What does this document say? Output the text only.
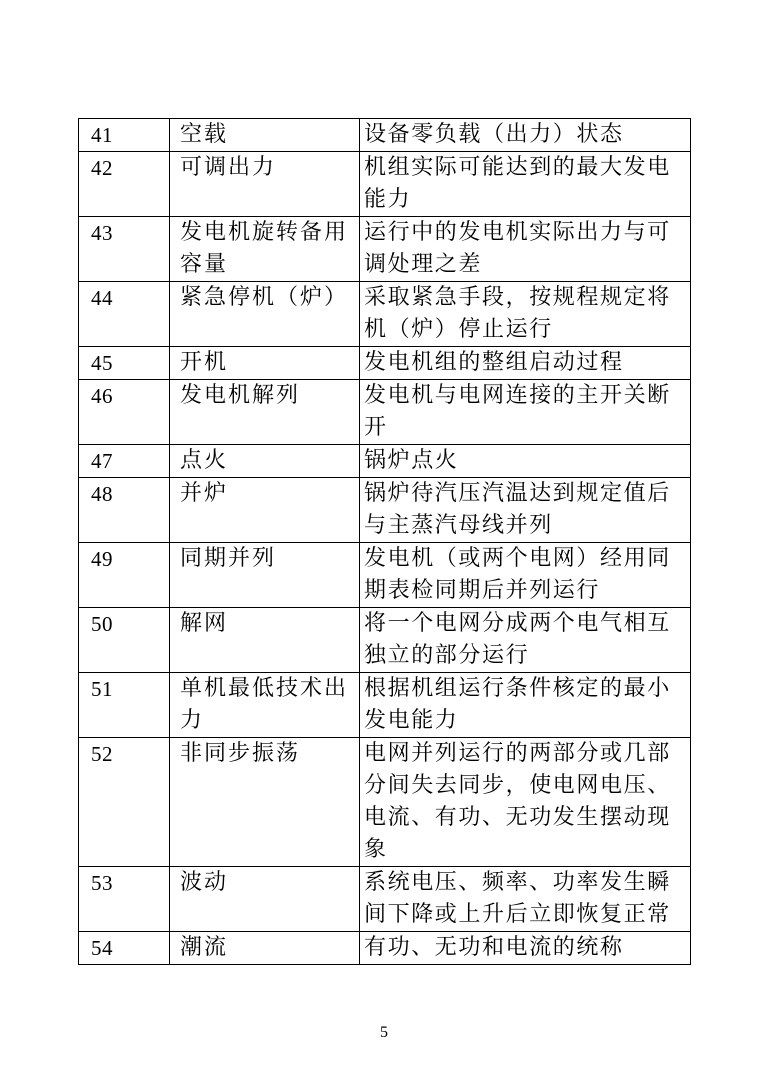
41	空载	设备零负载（出力）状态
42	可调出力	机组实际可能达到的最大发电能力
43	发电机旋转备用容量	运行中的发电机实际出力与可调处理之差
44	紧急停机（炉）	采取紧急手段，按规程规定将机（炉）停止运行
45	开机	发电机组的整组启动过程
46	发电机解列	发电机与电网连接的主开关断开
47	点火	锅炉点火
48	并炉	锅炉待汽压汽温达到规定值后与主蒸汽母线并列
49	同期并列	发电机（或两个电网）经用同期表检同期后并列运行
50	解网	将一个电网分成两个电气相互独立的部分运行
51	单机最低技术出力	根据机组运行条件核定的最小发电能力
52	非同步振荡	电网并列运行的两部分或几部分间失去同步，使电网电压、电流、有功、无功发生摆动现象
53	波动	系统电压、频率、功率发生瞬间下降或上升后立即恢复正常
54	潮流	有功、无功和电流的统称
5
